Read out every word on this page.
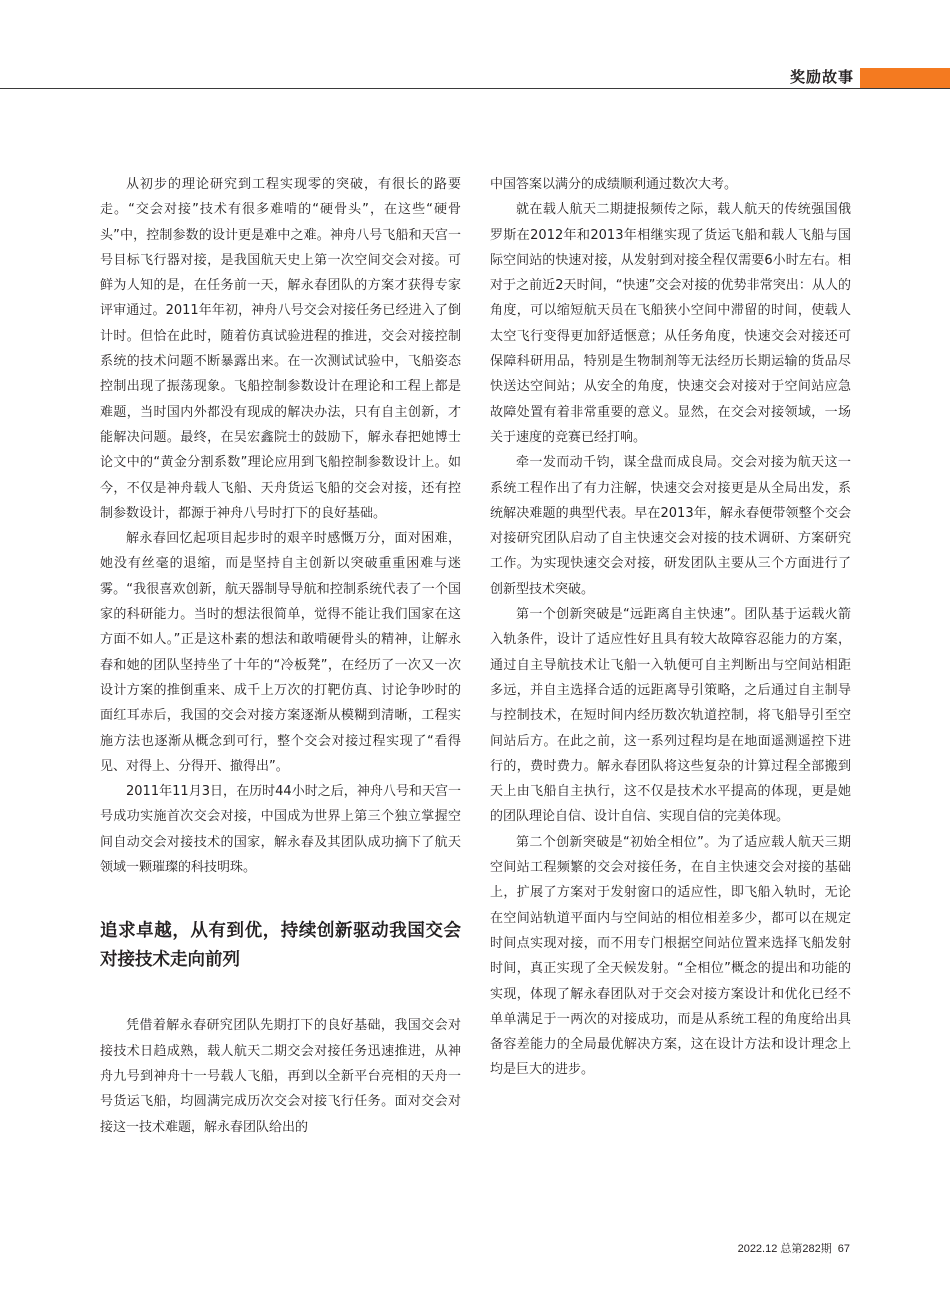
奖励故事

从初步的理论研究到工程实现零的突破，有很长的路要走。“交会对接”技术有很多难啃的“硬骨头”，在这些“硬骨头”中，控制参数的设计更是难中之难。神舟八号飞船和天宫一号目标飞行器对接，是我国航天史上第一次空间交会对接。可鲜为人知的是，在任务前一天，解永春团队的方案才获得专家评审通过。2011年年初，神舟八号交会对接任务已经进入了倒计时。但恰在此时，随着仿真试验进程的推进，交会对接控制系统的技术问题不断暴露出来。在一次测试试验中，飞船姿态控制出现了振荡现象。飞船控制参数设计在理论和工程上都是难题，当时国内外都没有现成的解决办法，只有自主创新，才能解决问题。最终，在吴宏鑫院士的鼓励下，解永春把她博士论文中的“黄金分割系数”理论应用到飞船控制参数设计上。如今，不仅是神舟载人飞船、天舟货运飞船的交会对接，还有控制参数设计，都源于神舟八号时打下的良好基础。

解永春回忆起项目起步时的艰辛时感慨万分，面对困难，她没有丝毫的退缩，而是坚持自主创新以突破重重困难与迷雾。“我很喜欢创新，航天器制导导航和控制系统代表了一个国家的科研能力。当时的想法很简单，觉得不能让我们国家在这方面不如人。”正是这朴素的想法和敢啃硬骨头的精神，让解永春和她的团队坚持坐了十年的“冷板凳”，在经历了一次又一次设计方案的推倒重来、成千上万次的打靶仿真、讨论争吵时的面红耳赤后，我国的交会对接方案逐渐从模糊到清晰，工程实施方法也逐渐从概念到可行，整个交会对接过程实现了“看得见、对得上、分得开、撤得出”。

2011年11月3日，在历时44小时之后，神舟八号和天宫一号成功实施首次交会对接，中国成为世界上第三个独立掌握空间自动交会对接技术的国家，解永春及其团队成功摘下了航天领域一颗璀璨的科技明珠。

追求卓越，从有到优，持续创新驱动我国交会对接技术走向前列

凭借着解永春研究团队先期打下的良好基础，我国交会对接技术日趋成熟，载人航天二期交会对接任务迅速推进，从神舟九号到神舟十一号载人飞船，再到以全新平台亮相的天舟一号货运飞船，均圆满完成历次交会对接飞行任务。面对交会对接这一技术难题，解永春团队给出的

中国答案以满分的成绩顺利通过数次大考。

就在载人航天二期捷报频传之际，载人航天的传统强国俄罗斯在2012年和2013年相继实现了货运飞船和载人飞船与国际空间站的快速对接，从发射到对接全程仅需要6小时左右。相对于之前近2天时间，“快速”交会对接的优势非常突出：从人的角度，可以缩短航天员在飞船狭小空间中滞留的时间，使载人太空飞行变得更加舒适惬意；从任务角度，快速交会对接还可保障科研用品，特别是生物制剂等无法经历长期运输的货品尽快送达空间站；从安全的角度，快速交会对接对于空间站应急故障处置有着非常重要的意义。显然，在交会对接领域，一场关于速度的竞赛已经打响。

牵一发而动千钧，谋全盘而成良局。交会对接为航天这一系统工程作出了有力注解，快速交会对接更是从全局出发，系统解决难题的典型代表。早在2013年，解永春便带领整个交会对接研究团队启动了自主快速交会对接的技术调研、方案研究工作。为实现快速交会对接，研发团队主要从三个方面进行了创新型技术突破。

第一个创新突破是“远距离自主快速”。团队基于运载火箭入轨条件，设计了适应性好且具有较大故障容忍能力的方案，通过自主导航技术让飞船一入轨便可自主判断出与空间站相距多远，并自主选择合适的远距离导引策略，之后通过自主制导与控制技术，在短时间内经历数次轨道控制，将飞船导引至空间站后方。在此之前，这一系列过程均是在地面遥测遥控下进行的，费时费力。解永春团队将这些复杂的计算过程全部搬到天上由飞船自主执行，这不仅是技术水平提高的体现，更是她的团队理论自信、设计自信、实现自信的完美体现。

第二个创新突破是“初始全相位”。为了适应载人航天三期空间站工程频繁的交会对接任务，在自主快速交会对接的基础上，扩展了方案对于发射窗口的适应性，即飞船入轨时，无论在空间站轨道平面内与空间站的相位相差多少，都可以在规定时间点实现对接，而不用专门根据空间站位置来选择飞船发射时间，真正实现了全天候发射。“全相位”概念的提出和功能的实现，体现了解永春团队对于交会对接方案设计和优化已经不单单满足于一两次的对接成功，而是从系统工程的角度给出具备容差能力的全局最优解决方案，这在设计方法和设计理念上均是巨大的进步。

2022.12 总第282期 67
